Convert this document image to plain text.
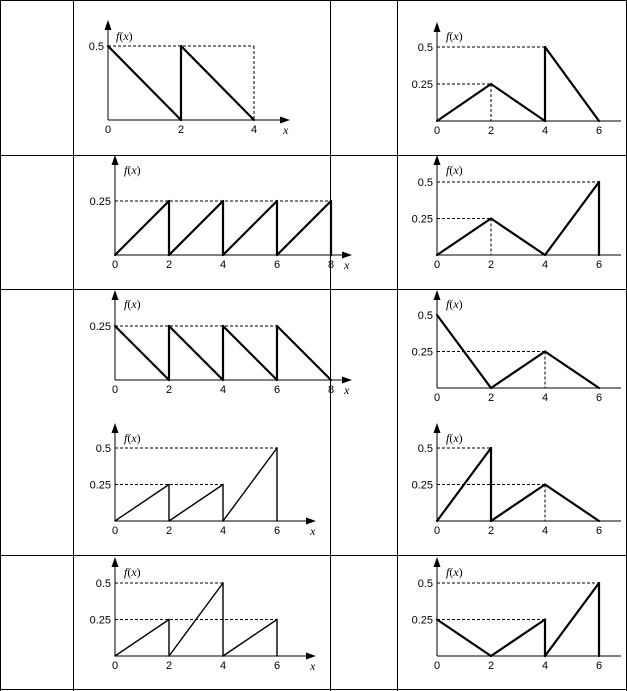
0	2	4
0.5
f(x)
x	0	2	4	6
0.5
0.25
f(x)
0	2	4	6	8
0.25
f(x)
x	0	2	4	6
0.5
0.25
f(x)
0	2	4	6	8
0.25
f(x)
x
0	2	4	6
0.5
0.25
f(x)
0	2	4	6
0.5
0.25
f(x)
x	0	2	4	6
0.5
0.25
f(x)
0	2	4	6
0.5
0.25
f(x)
x	0	2	4	6
0.5
0.25
f(x)
